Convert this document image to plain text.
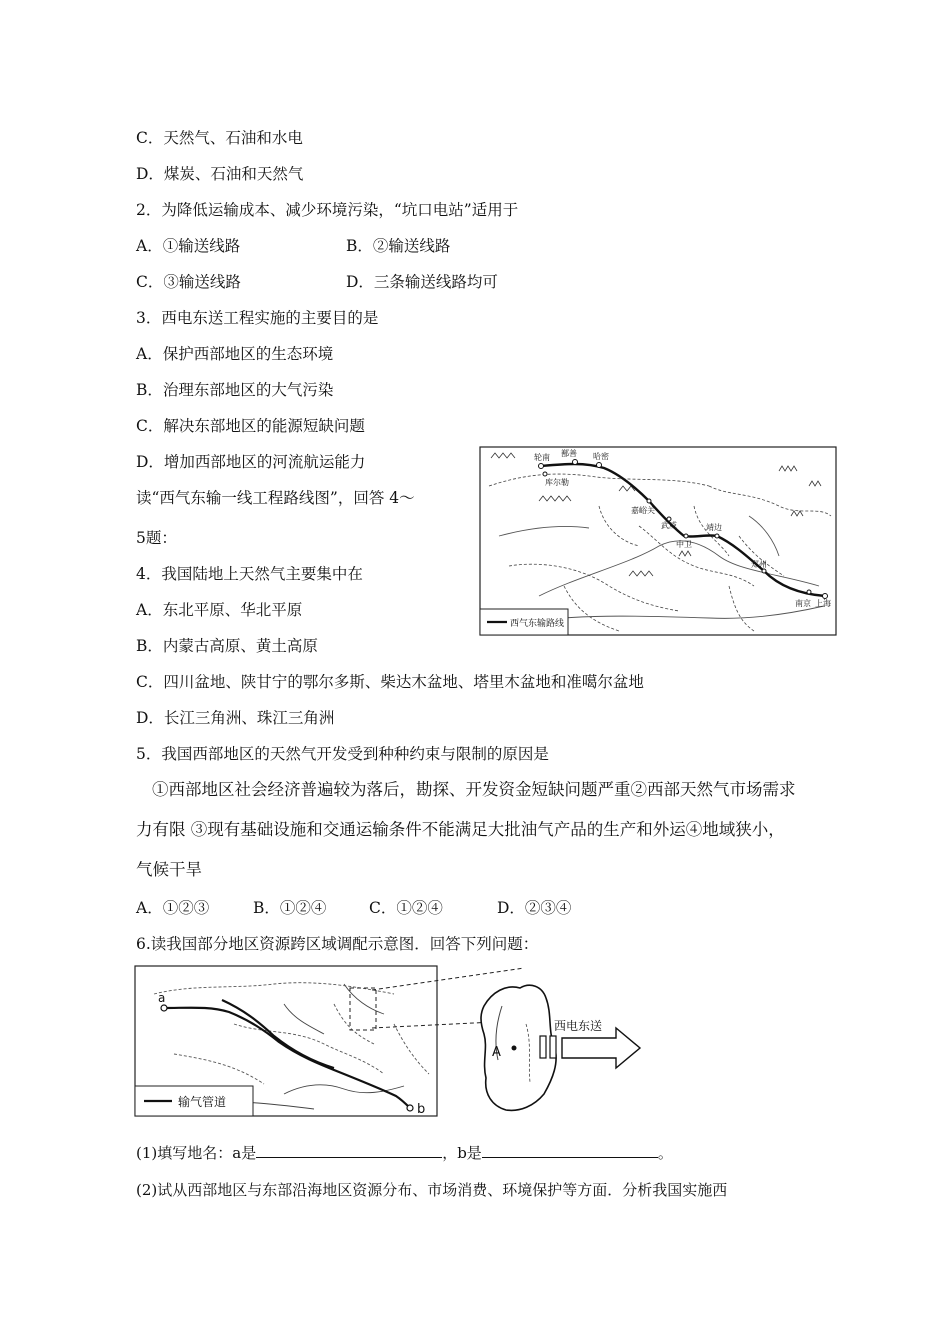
C．天然气、石油和水电
D．煤炭、石油和天然气
2．为降低运输成本、减少环境污染，“坑口电站”适用于
A．①输送线路	B．②输送线路
C．③输送线路	D．三条输送线路均可
3．西电东送工程实施的主要目的是
A．保护西部地区的生态环境
B．治理东部地区的大气污染
C．解决东部地区的能源短缺问题
D．增加西部地区的河流航运能力
读“西气东输一线工程路线图”，回答 4～
5题：
4．我国陆地上天然气主要集中在
A．东北平原、华北平原
B．内蒙古高原、黄土高原
C．四川盆地、陕甘宁的鄂尔多斯、柴达木盆地、塔里木盆地和准噶尔盆地
D．长江三角洲、珠江三角洲
5．我国西部地区的天然气开发受到种种约束与限制的原因是
①西部地区社会经济普遍较为落后，勘探、开发资金短缺问题严重②西部天然气市场需求
力有限 ③现有基础设施和交通运输条件不能满足大批油气产品的生产和外运④地域狭小，
气候干旱
A．①②③	B．①②④	C．①②④	D．②③④
6.读我国部分地区资源跨区域调配示意图．回答下列问题：
(1)填写地名：a是	，b是	。
(2)试从西部地区与东部沿海地区资源分布、市场消费、环境保护等方面．分析我国实施西
轮南 鄯善 哈密
库尔勒
嘉峪关
武威
中卫
靖边
郑州
南京 上海
西气东输路线
a
b
输气管道
A
西电东送
